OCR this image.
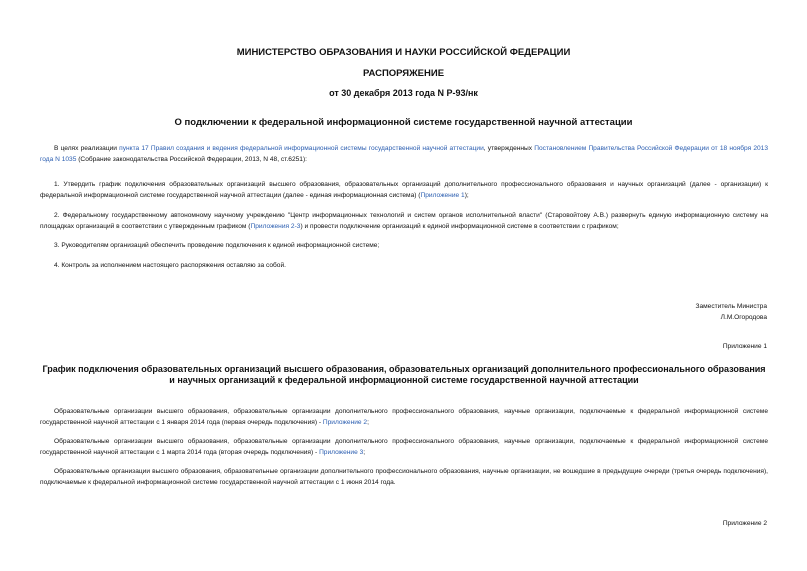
МИНИСТЕРСТВО ОБРАЗОВАНИЯ И НАУКИ РОССИЙСКОЙ ФЕДЕРАЦИИ
РАСПОРЯЖЕНИЕ
от 30 декабря 2013 года N Р-93/нк
О подключении к федеральной информационной системе государственной научной аттестации
В целях реализации пункта 17 Правил создания и ведения федеральной информационной системы государственной научной аттестации, утвержденных Постановлением Правительства Российской Федерации от 18 ноября 2013 года N 1035 (Собрание законодательства Российской Федерации, 2013, N 48, ст.6251):
1. Утвердить график подключения образовательных организаций высшего образования, образовательных организаций дополнительного профессионального образования и научных организаций (далее - организации) к федеральной информационной системе государственной научной аттестации (далее - единая информационная система) (Приложение 1);
2. Федеральному государственному автономному научному учреждению "Центр информационных технологий и систем органов исполнительной власти" (Старовойтову А.В.) развернуть единую информационную систему на площадках организаций в соответствии с утвержденным графиком (Приложения 2-3) и провести подключение организаций к единой информационной системе в соответствии с графиком;
3. Руководителям организаций обеспечить проведение подключения к единой информационной системе;
4. Контроль за исполнением настоящего распоряжения оставляю за собой.
Заместитель Министра
Л.М.Огородова
Приложение 1
График подключения образовательных организаций высшего образования, образовательных организаций дополнительного профессионального образования и научных организаций к федеральной информационной системе государственной научной аттестации
Образовательные организации высшего образования, образовательные организации дополнительного профессионального образования, научные организации, подключаемые к федеральной информационной системе государственной научной аттестации с 1 января 2014 года (первая очередь подключения) - Приложение 2;
Образовательные организации высшего образования, образовательные организации дополнительного профессионального образования, научные организации, подключаемые к федеральной информационной системе государственной научной аттестации с 1 марта 2014 года (вторая очередь подключения) - Приложение 3;
Образовательные организации высшего образования, образовательные организации дополнительного профессионального образования, научные организации, не вошедшие в предыдущие очереди (третья очередь подключения), подключаемые к федеральной информационной системе государственной научной аттестации с 1 июня 2014 года.
Приложение 2
